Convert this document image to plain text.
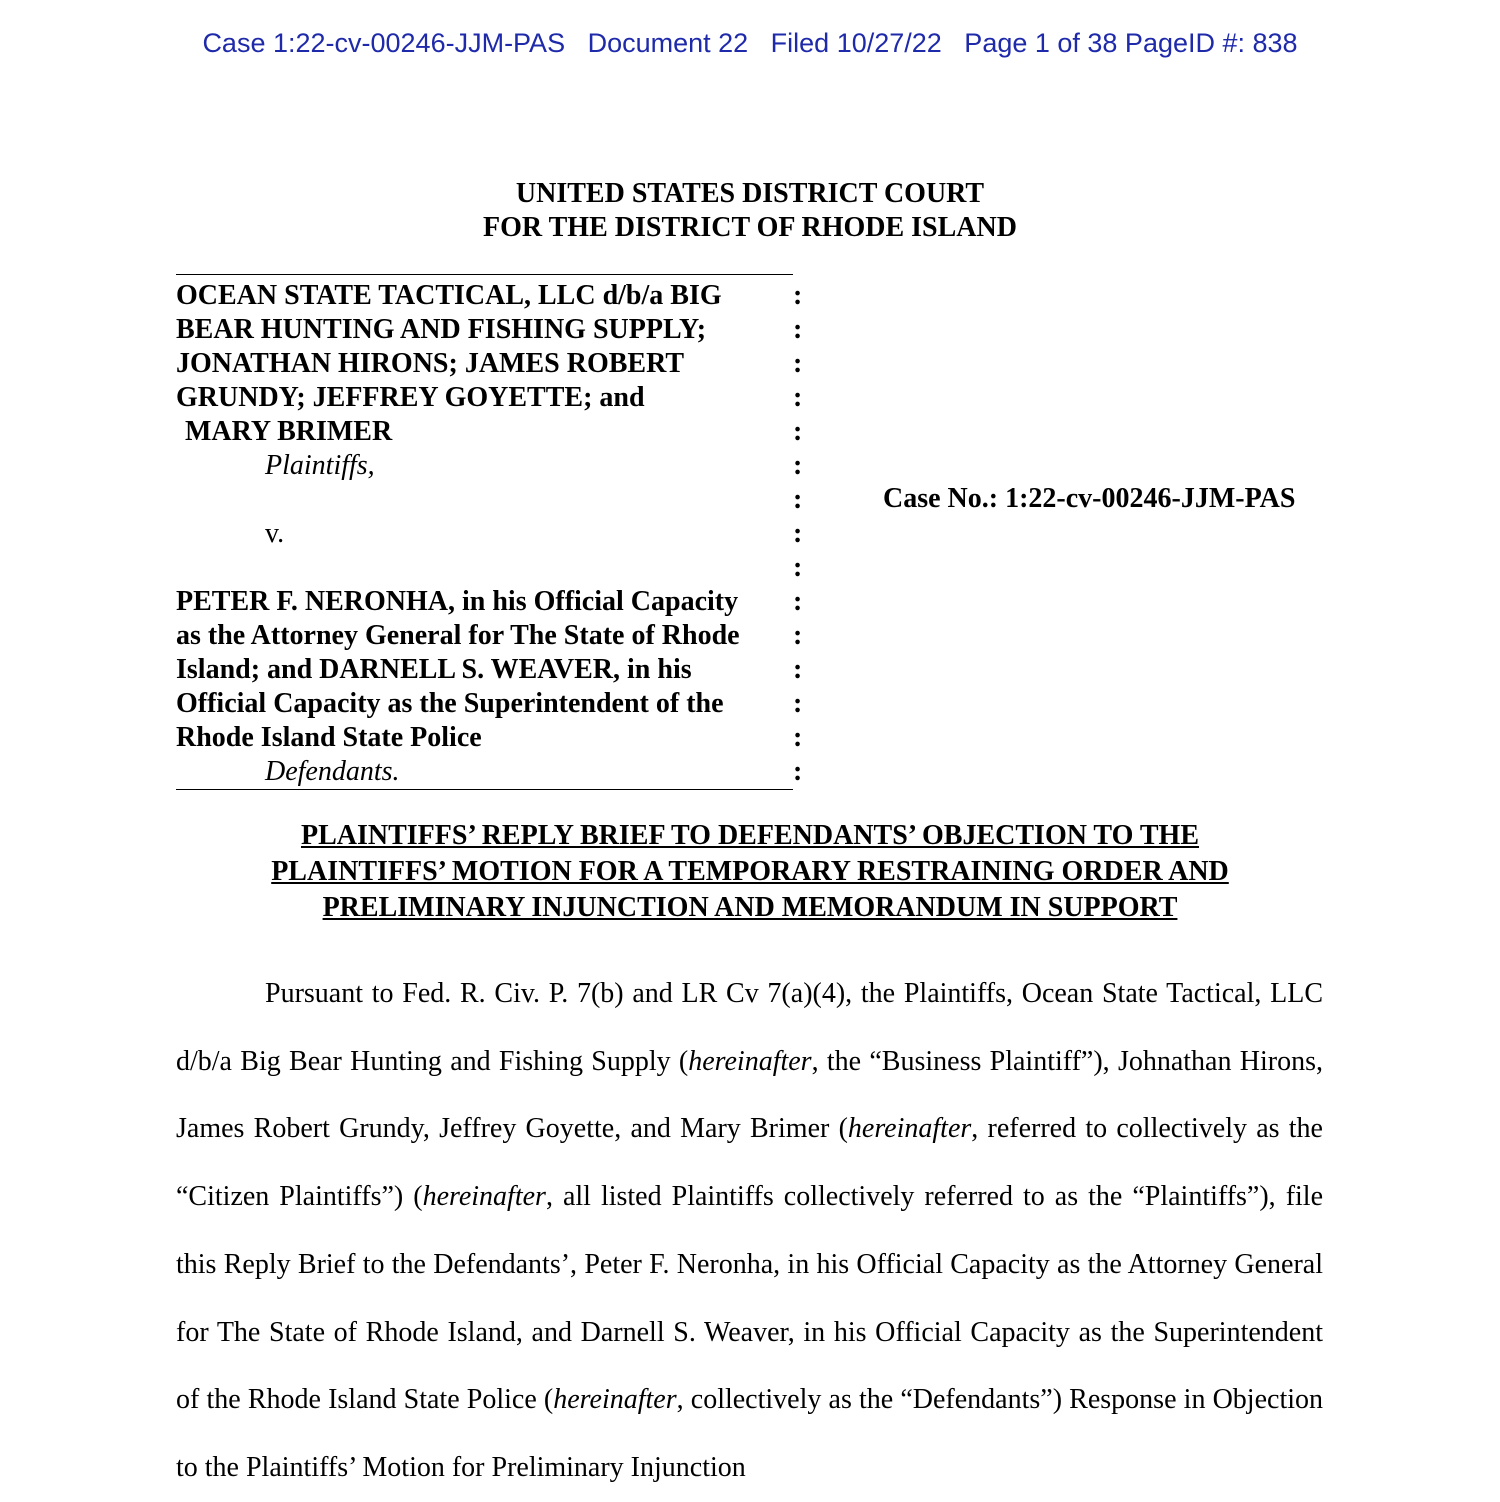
Case 1:22-cv-00246-JJM-PAS   Document 22   Filed 10/27/22   Page 1 of 38 PageID #: 838
UNITED STATES DISTRICT COURT
FOR THE DISTRICT OF RHODE ISLAND
OCEAN STATE TACTICAL, LLC d/b/a BIG
BEAR HUNTING AND FISHING SUPPLY;
JONATHAN HIRONS; JAMES ROBERT
GRUNDY; JEFFREY GOYETTE; and
MARY BRIMER
Plaintiffs,

v.

PETER F. NERONHA, in his Official Capacity
as the Attorney General for The State of Rhode
Island; and DARNELL S. WEAVER, in his
Official Capacity as the Superintendent of the
Rhode Island State Police
Defendants.
:
:
:
:
:
:
:
:
:
:
:
:
:
:
:
Case No.: 1:22-cv-00246-JJM-PAS
PLAINTIFFS’ REPLY BRIEF TO DEFENDANTS’ OBJECTION TO THE
PLAINTIFFS’ MOTION FOR A TEMPORARY RESTRAINING ORDER AND
PRELIMINARY INJUNCTION AND MEMORANDUM IN SUPPORT
Pursuant to Fed. R. Civ. P. 7(b) and LR Cv 7(a)(4), the Plaintiffs, Ocean State Tactical, LLC d/b/a Big Bear Hunting and Fishing Supply (hereinafter, the “Business Plaintiff”), Johnathan Hirons, James Robert Grundy, Jeffrey Goyette, and Mary Brimer (hereinafter, referred to collectively as the “Citizen Plaintiffs”) (hereinafter, all listed Plaintiffs collectively referred to as the “Plaintiffs”), file this Reply Brief to the Defendants’, Peter F. Neronha, in his Official Capacity as the Attorney General for The State of Rhode Island, and Darnell S. Weaver, in his Official Capacity as the Superintendent of the Rhode Island State Police (hereinafter, collectively as the “Defendants”) Response in Objection to the Plaintiffs’ Motion for Preliminary Injunction
